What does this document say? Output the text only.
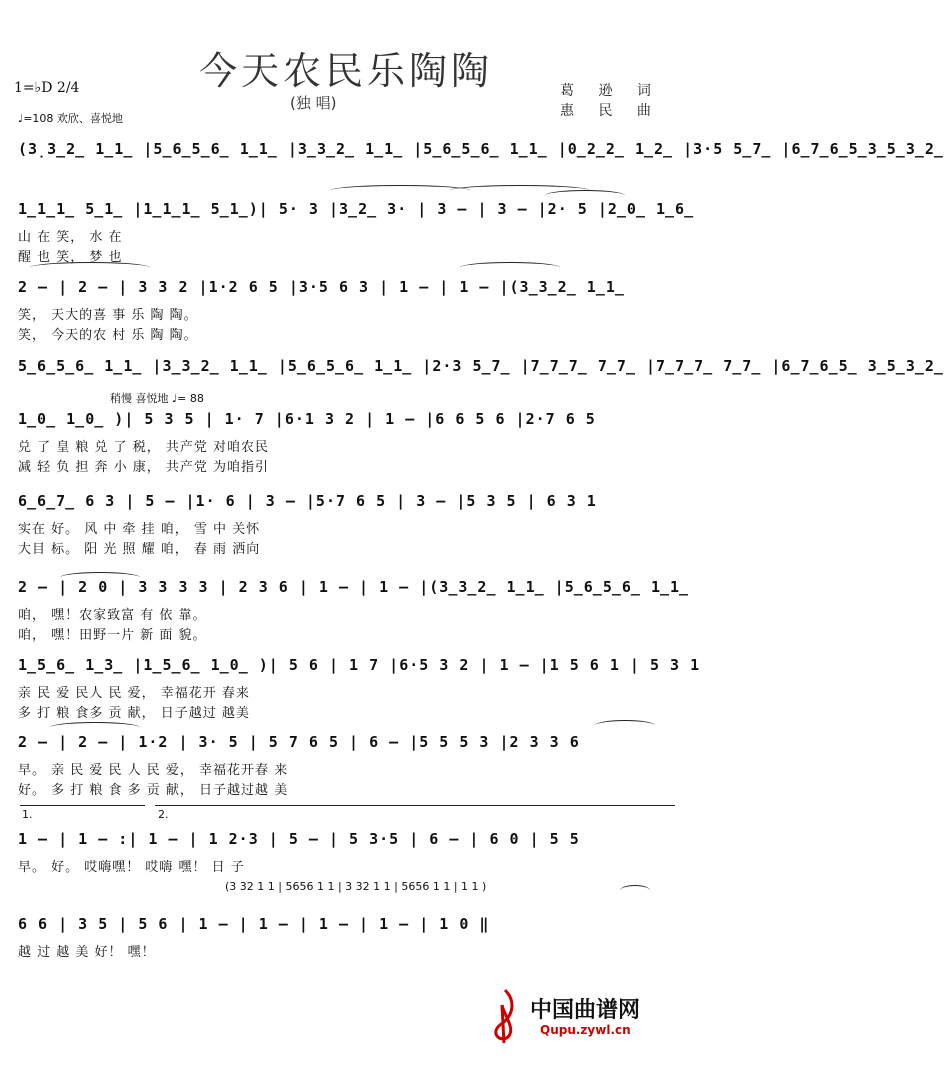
今天农民乐陶陶
(独 唱)
葛 逊 词
惠 民 曲
1=♭D 2/4
♩=108 欢欣、喜悦地
(3̣3̲2̲ 1̲1̲ |5̲6̲5̲6̲ 1̲1̲ |3̲3̲2̲ 1̲1̲ |5̲6̲5̲6̲ 1̲1̲ |0̲2̲2̲ 1̲2̲ |3·5 5̲7̲ |6̲7̲6̲5̲3̲5̲3̲2̲
1̲1̲1̲ 5̲1̲ |1̲1̲1̲ 5̲1̲)| 5· 3 |3̲2̲ 3· | 3 – | 3 – |2· 5 |2̲0̲ 1̲6̲
山 在 笑， 水 在
醒 也 笑， 梦 也
2 – | 2 – | 3 3 2 |1·2 6 5 |3·5 6 3 | 1 – | 1 – |(3̲3̲2̲ 1̲1̲
笑， 天大的喜 事 乐 陶 陶。
笑， 今天的农 村 乐 陶 陶。
5̲6̲5̲6̲ 1̲1̲ |3̲3̲2̲ 1̲1̲ |5̲6̲5̲6̲ 1̲1̲ |2·3 5̲7̲ |7̲7̲7̲ 7̲7̲ |7̲7̲7̲ 7̲7̲ |6̲7̲6̲5̲ 3̲5̲3̲2̲
1̲0̲ 1̲0̲ )| 5 3 5 | 1· 7 |6·1 3 2 | 1 – |6 6 5 6 |2·7 6 5
兑 了 皇 粮 兑 了 税， 共产党 对咱农民
减 轻 负 担 奔 小 康， 共产党 为咱指引
6̲6̲7̲ 6 3 | 5 – |1· 6 | 3 – |5·7 6 5 | 3 – |5 3 5 | 6 3 1
实在 好。 风 中 牵 挂 咱， 雪 中 关怀
大目 标。 阳 光 照 耀 咱， 春 雨 洒向
2 – | 2 0 | 3 3 3 3 | 2 3 6 | 1 – | 1 – |(3̲3̲2̲ 1̲1̲ |5̲6̲5̲6̲ 1̲1̲
咱， 嘿！农家致富 有 依 靠。
咱， 嘿！田野一片 新 面 貌。
1̲5̲6̲ 1̲3̲ |1̲5̲6̲ 1̲0̲ )| 5 6 | 1 7 |6·5 3 2 | 1 – |1 5 6 1 | 5 3 1
亲 民 爱 民人 民 爱， 幸福花开 春来
多 打 粮 食多 贡 献， 日子越过 越美
2 – | 2 – | 1·2 | 3· 5 | 5 7 6 5 | 6 – |5 5 5 3 |2 3 3 6
早。 亲 民 爱 民 人 民 爱， 幸福花开春 来
好。 多 打 粮 食 多 贡 献， 日子越过越 美
1 – | 1 – :| 1 – | 1 2·3 | 5 – | 5 3·5 | 6 – | 6 0 | 5 5
早。 好。 哎嗨嘿！ 哎嗨 嘿！ 日 子
6 6 | 3 5 | 5 6 | 1 – | 1 – | 1 – | 1 – | 1 0 ‖
越 过 越 美 好！ 嘿！
稍慢 喜悦地 ♩= 88
(3 32 1 1 | 5656 1 1 | 3 32 1 1 | 5656 1 1 | 1 1 )
1.	2.
中国曲谱网
Qupu.zywl.cn
